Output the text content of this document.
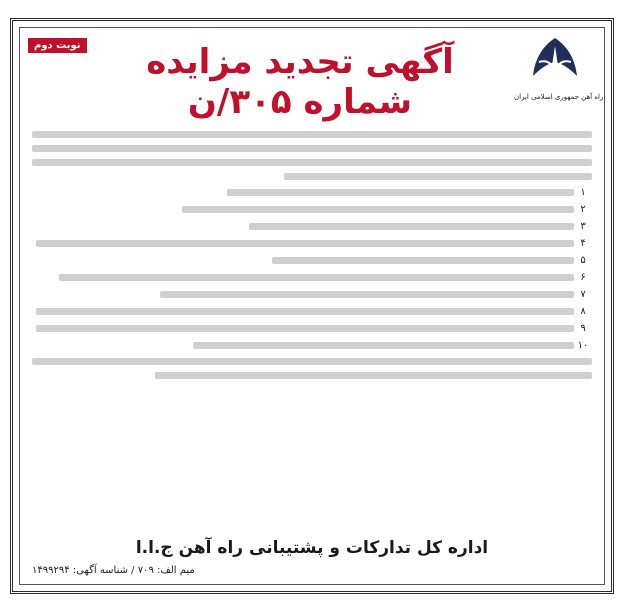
نوبت دوم	آگهی تجدید مزایده شماره ۳۰۵/ن	راه آهن جمهوری اسلامی ایران
۱
۲
۳
۴
۵
۶
۷
۸
۹
۱۰
اداره کل تدارکات و پشتیبانی راه آهن ج.ا.ا
میم الف: ۷۰۹ / شناسه آگهی: ۱۴۹۹۲۹۴
